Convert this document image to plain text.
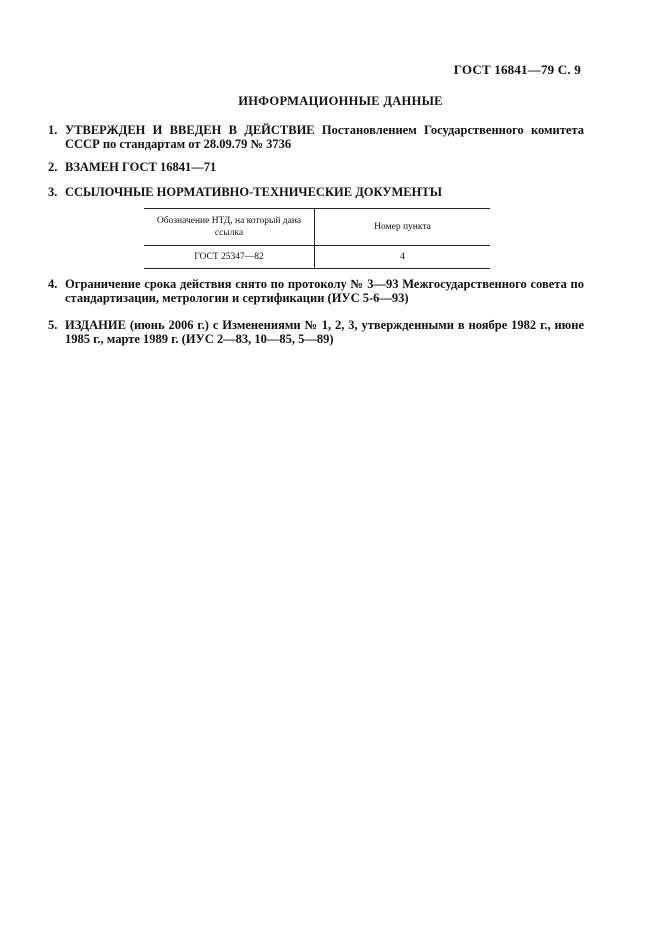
ГОСТ 16841—79 С. 9
ИНФОРМАЦИОННЫЕ ДАННЫЕ
1. УТВЕРЖДЕН И ВВЕДЕН В ДЕЙСТВИЕ Постановлением Государственного комитета СССР по стандартам от 28.09.79 № 3736
2. ВЗАМЕН ГОСТ 16841—71
3. ССЫЛОЧНЫЕ НОРМАТИВНО-ТЕХНИЧЕСКИЕ ДОКУМЕНТЫ
Обозначение НТД, на который дана ссылка	Номер пункта
ГОСТ 25347—82	4
4. Ограничение срока действия снято по протоколу № 3—93 Межгосударственного совета по стандартизации, метрологии и сертификации (ИУС 5-6—93)
5. ИЗДАНИЕ (июнь 2006 г.) с Изменениями № 1, 2, 3, утвержденными в ноябре 1982 г., июне 1985 г., марте 1989 г. (ИУС 2—83, 10—85, 5—89)
